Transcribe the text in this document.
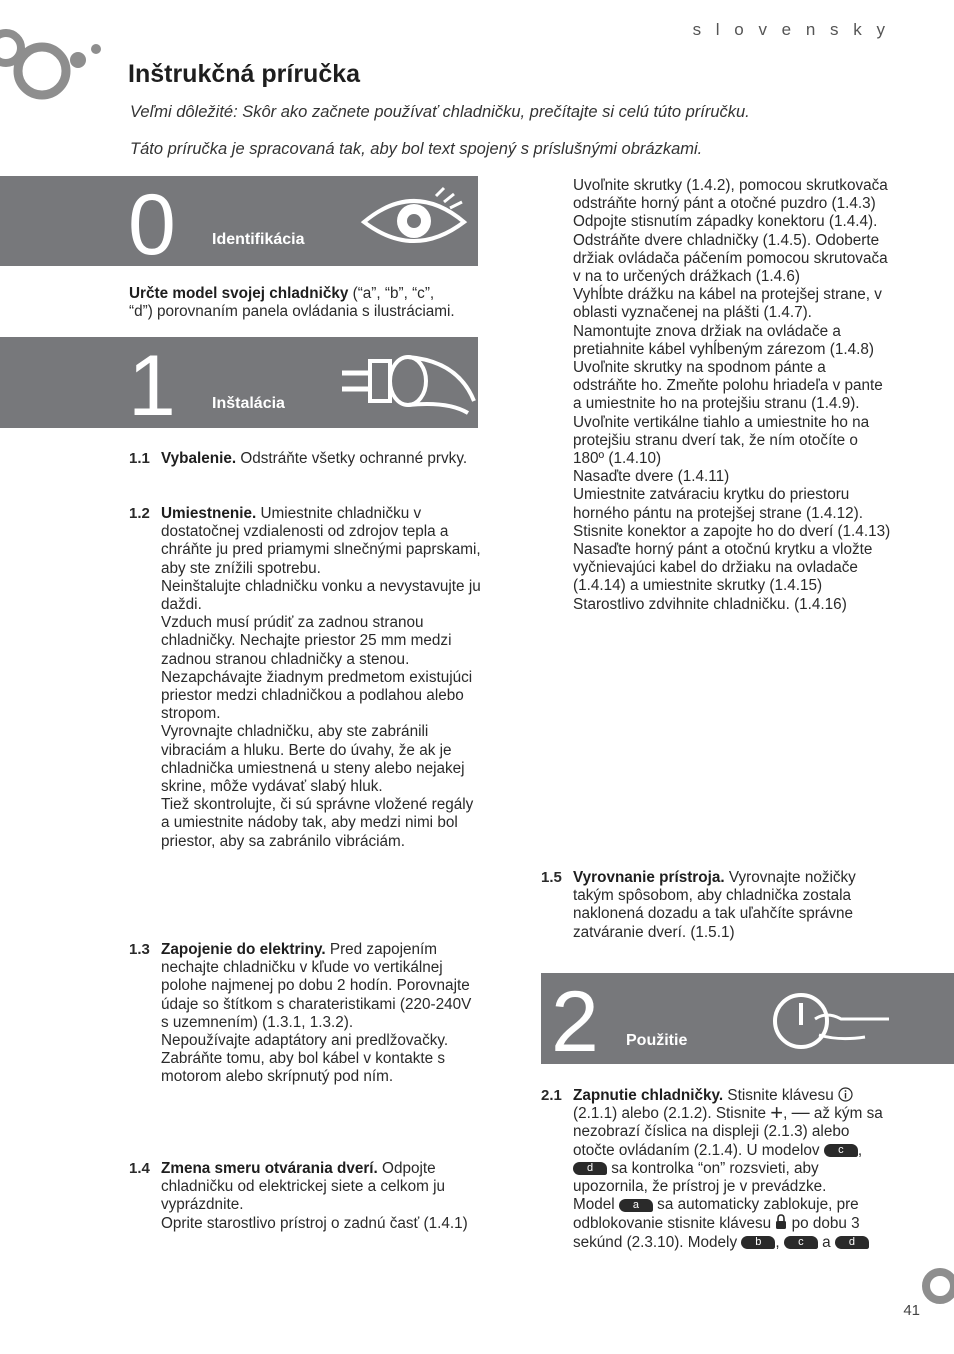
s l o v e n s k y
Inštrukčná príručka
Veľmi dôležité: Skôr ako začnete používať chladničku, prečítajte si celú túto príručku.
Táto príručka je spracovaná tak, aby bol text spojený s príslušnými obrázkami.
0 Identifikácia

Určte model svojej chladničky (“a”, “b”, “c”,
“d”) porovnaním panela ovládania s ilustráciami.

1 Inštalácia
1.1 Vybalenie. Odstráňte všetky ochranné prvky.

1.2 Umiestnenie. Umiestnite chladničku v dostatočnej vzdialenosti od zdrojov tepla a chráňte ju pred priamymi slnečnými paprskami, aby ste znížili spotrebu.

Neinštalujte chladničku vonku a nevystavujte ju daždi.

Vzduch musí prúdiť za zadnou stranou chladničky. Nechajte priestor 25 mm medzi zadnou stranou chladničky a stenou. Nezapchávajte žiadnym predmetom existujúci priestor medzi chladničkou a podlahou alebo stropom.

Vyrovnajte chladničku, aby ste zabránili vibraciám a hluku. Berte do úvahy, že ak je chladnička umiestnená u steny alebo nejakej skrine, môže vydávať slabý hluk.

Tiež skontrolujte, či sú správne vložené regály a umiestnite nádoby tak, aby medzi nimi bol priestor, aby sa zabránilo vibráciám.

1.3 Zapojenie do elektriny. Pred zapojením nechajte chladničku v kľude vo vertikálnej polohe najmenej po dobu 2 hodín. Porovnajte údaje so štítkom s charateristikami (220-240V s uzemnením) (1.3.1, 1.3.2).

Nepoužívajte adaptátory ani predlžovačky.

Zabráňte tomu, aby bol kábel v kontakte s motorom alebo skrípnutý pod ním.

1.4 Zmena smeru otvárania dverí. Odpojte chladničku od elektrickej siete a celkom ju vyprázdnite.

Oprite starostlivo prístroj o zadnú časť (1.4.1)

Uvoľnite skrutky (1.4.2), pomocou skrutkovača odstráňte horný pánt a otočné puzdro (1.4.3)

Odpojte stisnutím západky konektoru (1.4.4). Odstráňte dvere chladničky (1.4.5). Odoberte držiak ovládača páčením pomocou skrutovača v na to určených drážkach (1.4.6)

Vyhĺbte drážku na kábel na protejšej strane, v oblasti vyznačenej na plášti (1.4.7). Namontujte znova držiak na ovládače a pretiahnite kábel vyhĺbeným zárezom (1.4.8)

Uvoľnite skrutky na spodnom pánte a odstráňte ho. Zmeňte polohu hriadeľa v pante a umiestnite ho na protejšiu stranu (1.4.9).

Uvoľnite vertikálne tiahlo a umiestnite ho na protejšiu stranu dverí tak, že ním otočíte o 180º (1.4.10)

Nasaďte dvere (1.4.11)

Umiestnite zatváraciu krytku do priestoru horného pántu na protejšej strane (1.4.12). Stisnite konektor a zapojte ho do dverí (1.4.13)

Nasaďte horný pánt a otočnú krytku a vložte vyčnievajúci kabel do držiaku na ovladače (1.4.14) a umiestnite skrutky (1.4.15)

Starostlivo zdvihnite chladničku. (1.4.16)

1.5 Vyrovnanie prístroja. Vyrovnajte nožičky takým spôsobom, aby chladnička zostala naklonená dozadu a tak uľahčíte správne zatváranie dverí. (1.5.1)

2 Použitie
2.1 Zapnutie chladničky. Stisnite klávesu
(2.1.1) alebo (2.1.2). Stisnite +, — až kým sa nezobrazí číslica na displeji (2.1.3) alebo otočte ovládaním (2.1.4). U modelov c , d sa kontrolka “on” rozsvieti, aby upozornila, že prístroj je v prevádzke.

Model a sa automaticky zablokuje, pre odblokovanie stisnite klávesu po dobu 3 sekúnd (2.3.10). Modely b , c a d

41
